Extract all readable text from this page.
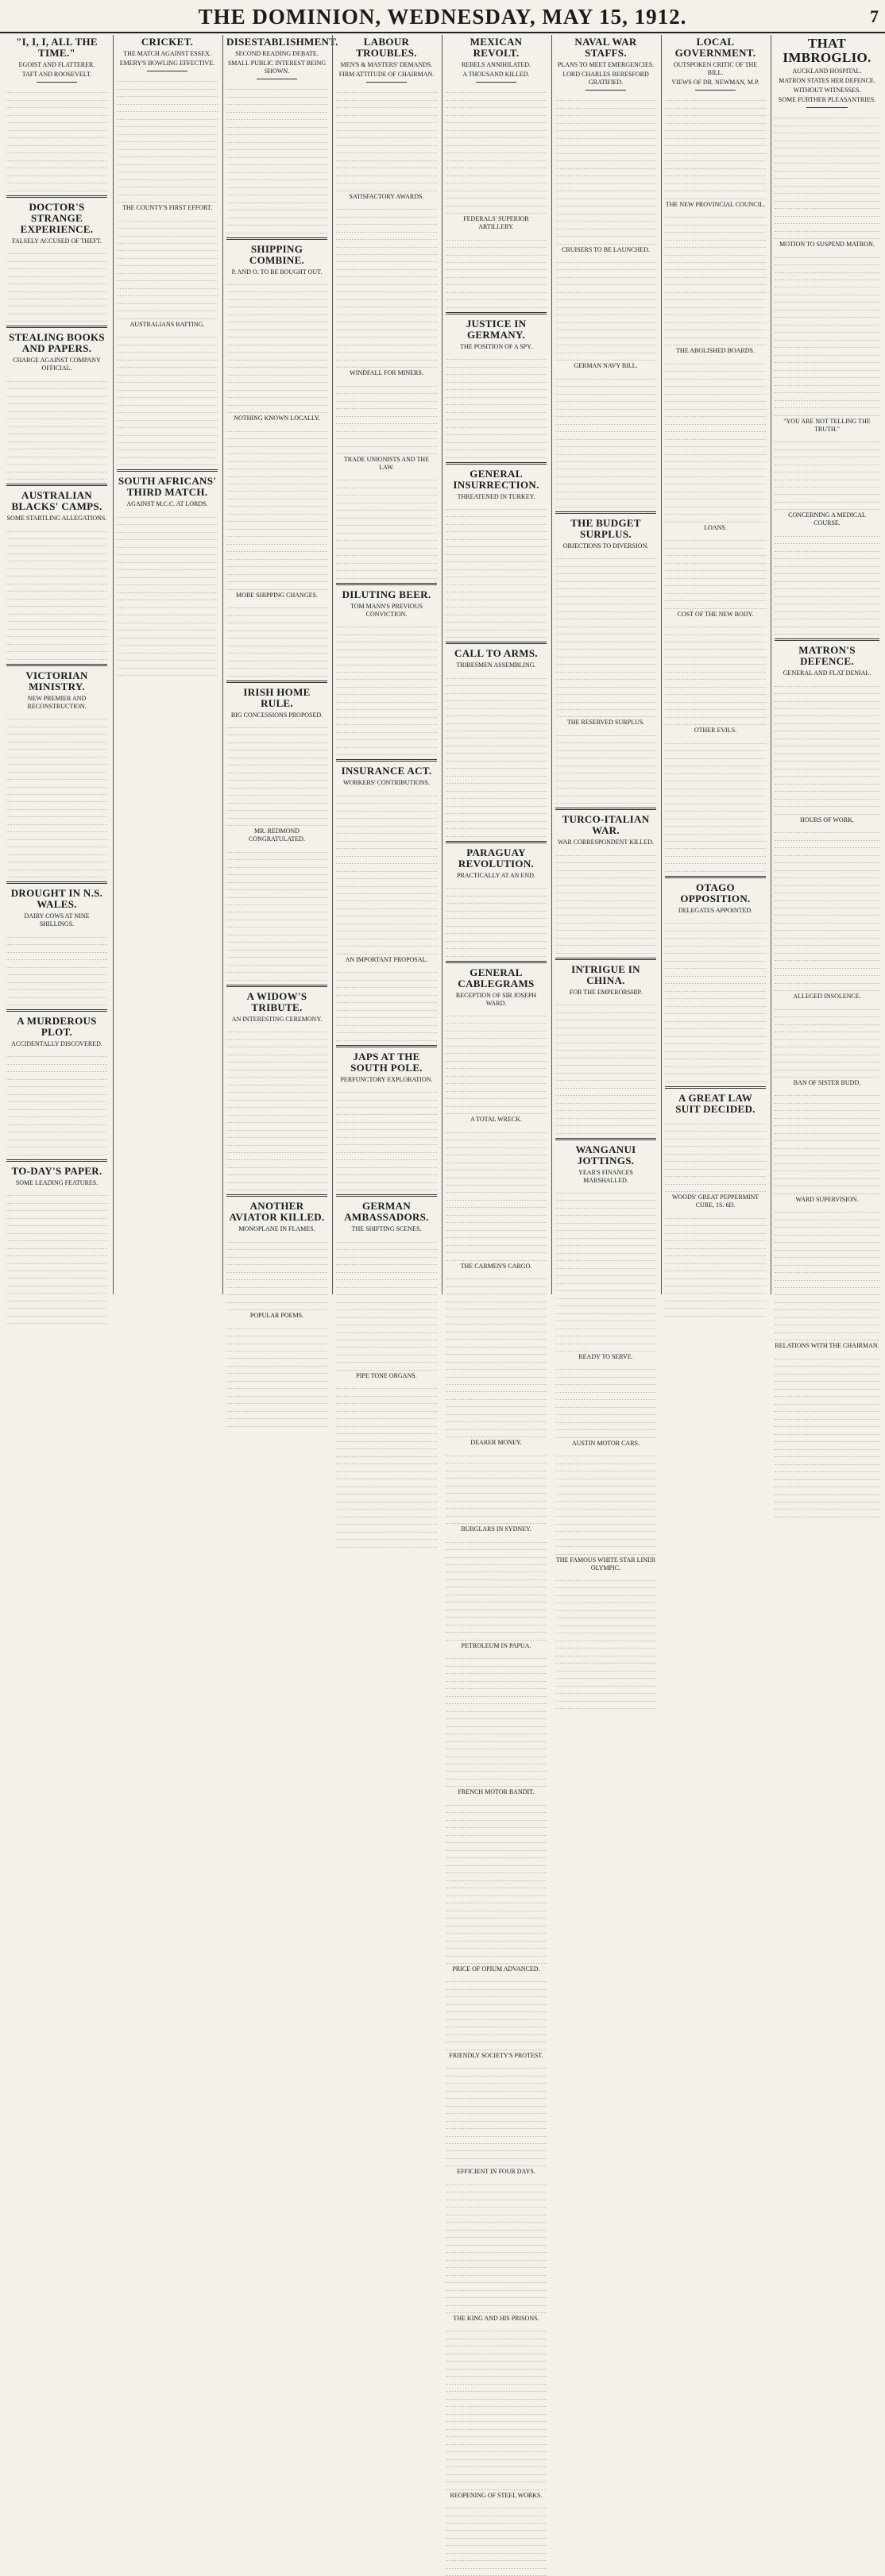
THE DOMINION, WEDNESDAY, MAY 15, 1912.	7
"I, I, I, ALL THE TIME."
EGOIST AND FLATTERER.
TAFT AND ROOSEVELT.
DOCTOR'S STRANGE EXPERIENCE.
FALSELY ACCUSED OF THEFT.
STEALING BOOKS AND PAPERS.
CHARGE AGAINST COMPANY OFFICIAL.
AUSTRALIAN BLACKS' CAMPS.
SOME STARTLING ALLEGATIONS.
VICTORIAN MINISTRY.
NEW PREMIER AND RECONSTRUCTION.
DROUGHT IN N.S. WALES.
DAIRY COWS AT NINE SHILLINGS.
A MURDEROUS PLOT.
ACCIDENTALLY DISCOVERED.
TO-DAY'S PAPER.
SOME LEADING FEATURES.
CRICKET.
THE MATCH AGAINST ESSEX.
EMERY'S BOWLING EFFECTIVE.
THE COUNTY'S FIRST EFFORT.
AUSTRALIANS BATTING.
SOUTH AFRICANS' THIRD MATCH.
AGAINST M.C.C. AT LORDS.
DISESTABLISHMENT.
SECOND READING DEBATE.
SMALL PUBLIC INTEREST BEING SHOWN.
SHIPPING COMBINE.
P. AND O. TO BE BOUGHT OUT.
NOTHING KNOWN LOCALLY.
MORE SHIPPING CHANGES.
IRISH HOME RULE.
BIG CONCESSIONS PROPOSED.
MR. REDMOND CONGRATULATED.
A WIDOW'S TRIBUTE.
AN INTERESTING CEREMONY.
ANOTHER AVIATOR KILLED.
MONOPLANE IN FLAMES.
POPULAR POEMS.
LABOUR TROUBLES.
MEN'S & MASTERS' DEMANDS.
FIRM ATTITUDE OF CHAIRMAN.
SATISFACTORY AWARDS.
WINDFALL FOR MINERS.
TRADE UNIONISTS AND THE LAW.
DILUTING BEER.
TOM MANN'S PREVIOUS CONVICTION.
INSURANCE ACT.
WORKERS' CONTRIBUTIONS.
AN IMPORTANT PROPOSAL.
JAPS AT THE SOUTH POLE.
PERFUNCTORY EXPLORATION.
GERMAN AMBASSADORS.
THE SHIFTING SCENES.
PIPE TONE ORGANS.
MEXICAN REVOLT.
REBELS ANNIHILATED.
A THOUSAND KILLED.
FEDERALS' SUPERIOR ARTILLERY.
JUSTICE IN GERMANY.
THE POSITION OF A SPY.
GENERAL INSURRECTION.
THREATENED IN TURKEY.
CALL TO ARMS.
TRIBESMEN ASSEMBLING.
PARAGUAY REVOLUTION.
PRACTICALLY AT AN END.
GENERAL CABLEGRAMS
RECEPTION OF SIR JOSEPH WARD.
A TOTAL WRECK.
THE CARMEN'S CARGO.
DEARER MONEY.
BURGLARS IN SYDNEY.
PETROLEUM IN PAPUA.
FRENCH MOTOR BANDIT.
PRICE OF OPIUM ADVANCED.
FRIENDLY SOCIETY'S PROTEST.
EFFICIENT IN FOUR DAYS.
THE KING AND HIS PRISONS.
REOPENING OF STEEL WORKS.
NAVAL WAR STAFFS.
PLANS TO MEET EMERGENCIES.
LORD CHARLES BERESFORD GRATIFIED.
CRUISERS TO BE LAUNCHED.
GERMAN NAVY BILL.
THE BUDGET SURPLUS.
OBJECTIONS TO DIVERSION.
THE RESERVED SURPLUS.
TURCO-ITALIAN WAR.
WAR CORRESPONDENT KILLED.
INTRIGUE IN CHINA.
FOR THE EMPERORSHIP.
WANGANUI JOTTINGS.
YEAR'S FINANCES MARSHALLED.
READY TO SERVE.
AUSTIN MOTOR CARS.
THE FAMOUS WHITE STAR LINER OLYMPIC.
LOCAL GOVERNMENT.
OUTSPOKEN CRITIC OF THE BILL.
VIEWS OF DR. NEWMAN, M.P.
THE NEW PROVINCIAL COUNCIL.
THE ABOLISHED BOARDS.
LOANS.
COST OF THE NEW BODY.
OTHER EVILS.
OTAGO OPPOSITION.
DELEGATES APPOINTED.
A GREAT LAW SUIT DECIDED.
WOODS' GREAT PEPPERMINT CURE, 1S. 6D.
THAT IMBROGLIO.
AUCKLAND HOSPITAL.
MATRON STATES HER DEFENCE.
WITHOUT WITNESSES.
SOME FURTHER PLEASANTRIES.
MOTION TO SUSPEND MATRON.
"YOU ARE NOT TELLING THE TRUTH."
CONCERNING A MEDICAL COURSE.
MATRON'S DEFENCE.
GENERAL AND FLAT DENIAL.
HOURS OF WORK.
ALLEGED INSOLENCE.
BAN OF SISTER BUDD.
WARD SUPERVISION.
RELATIONS WITH THE CHAIRMAN.
